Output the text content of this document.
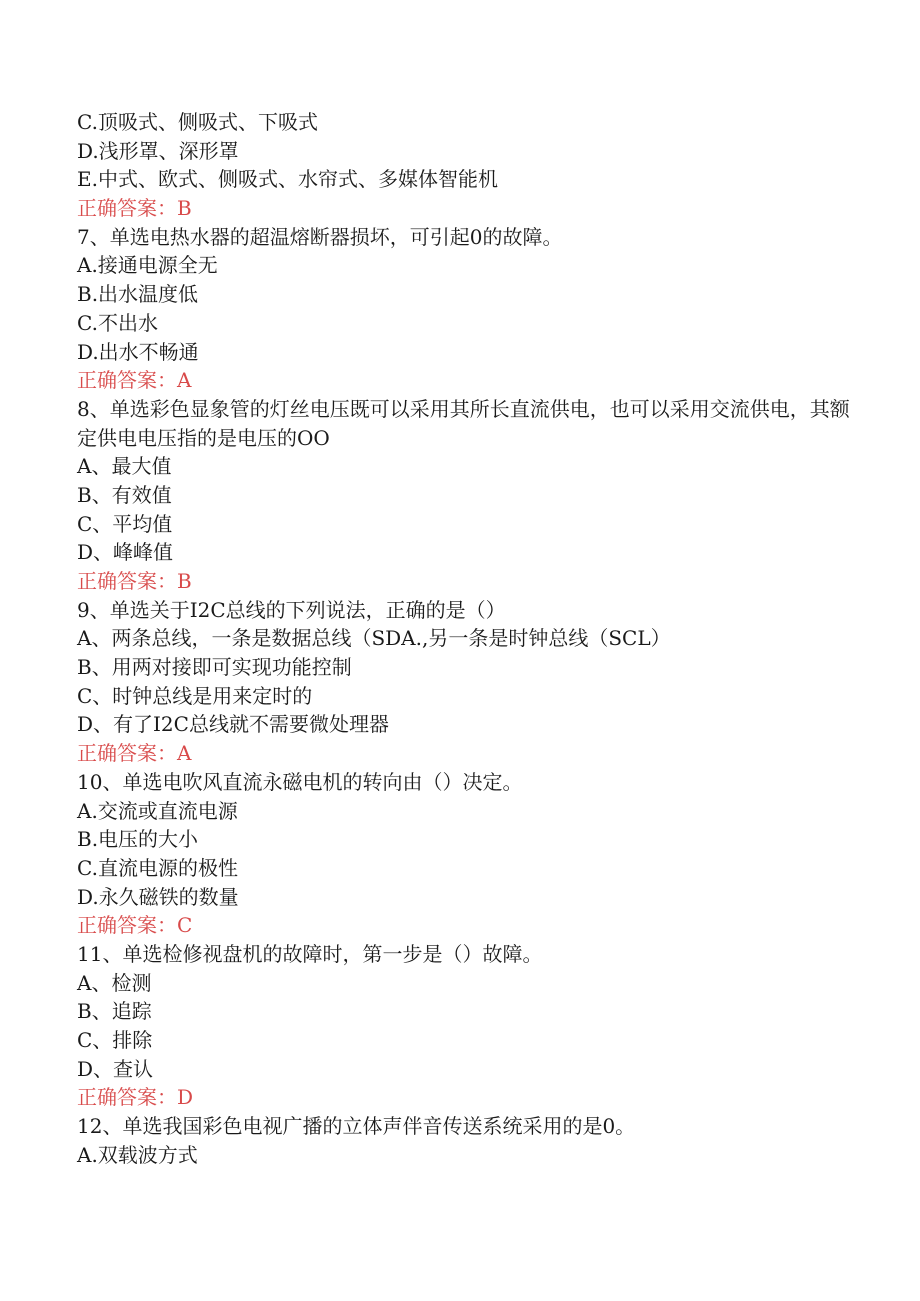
C.顶吸式、侧吸式、下吸式
D.浅形罩、深形罩
E.中式、欧式、侧吸式、水帘式、多媒体智能机
正确答案：B
7、单选电热水器的超温熔断器损坏，可引起0的故障。
A.接通电源全无
B.出水温度低
C.不出水
D.出水不畅通
正确答案：A
8、单选彩色显象管的灯丝电压既可以采用其所长直流供电，也可以采用交流供电，其额定供电电压指的是电压的OO
A、最大值
B、有效值
C、平均值
D、峰峰值
正确答案：B
9、单选关于I2C总线的下列说法，正确的是（）
A、两条总线，一条是数据总线（SDA.,另一条是时钟总线（SCL）
B、用两对接即可实现功能控制
C、时钟总线是用来定时的
D、有了I2C总线就不需要微处理器
正确答案：A
10、单选电吹风直流永磁电机的转向由（）决定。
A.交流或直流电源
B.电压的大小
C.直流电源的极性
D.永久磁铁的数量
正确答案：C
11、单选检修视盘机的故障时，第一步是（）故障。
A、检测
B、追踪
C、排除
D、查认
正确答案：D
12、单选我国彩色电视广播的立体声伴音传送系统采用的是0。
A.双载波方式
